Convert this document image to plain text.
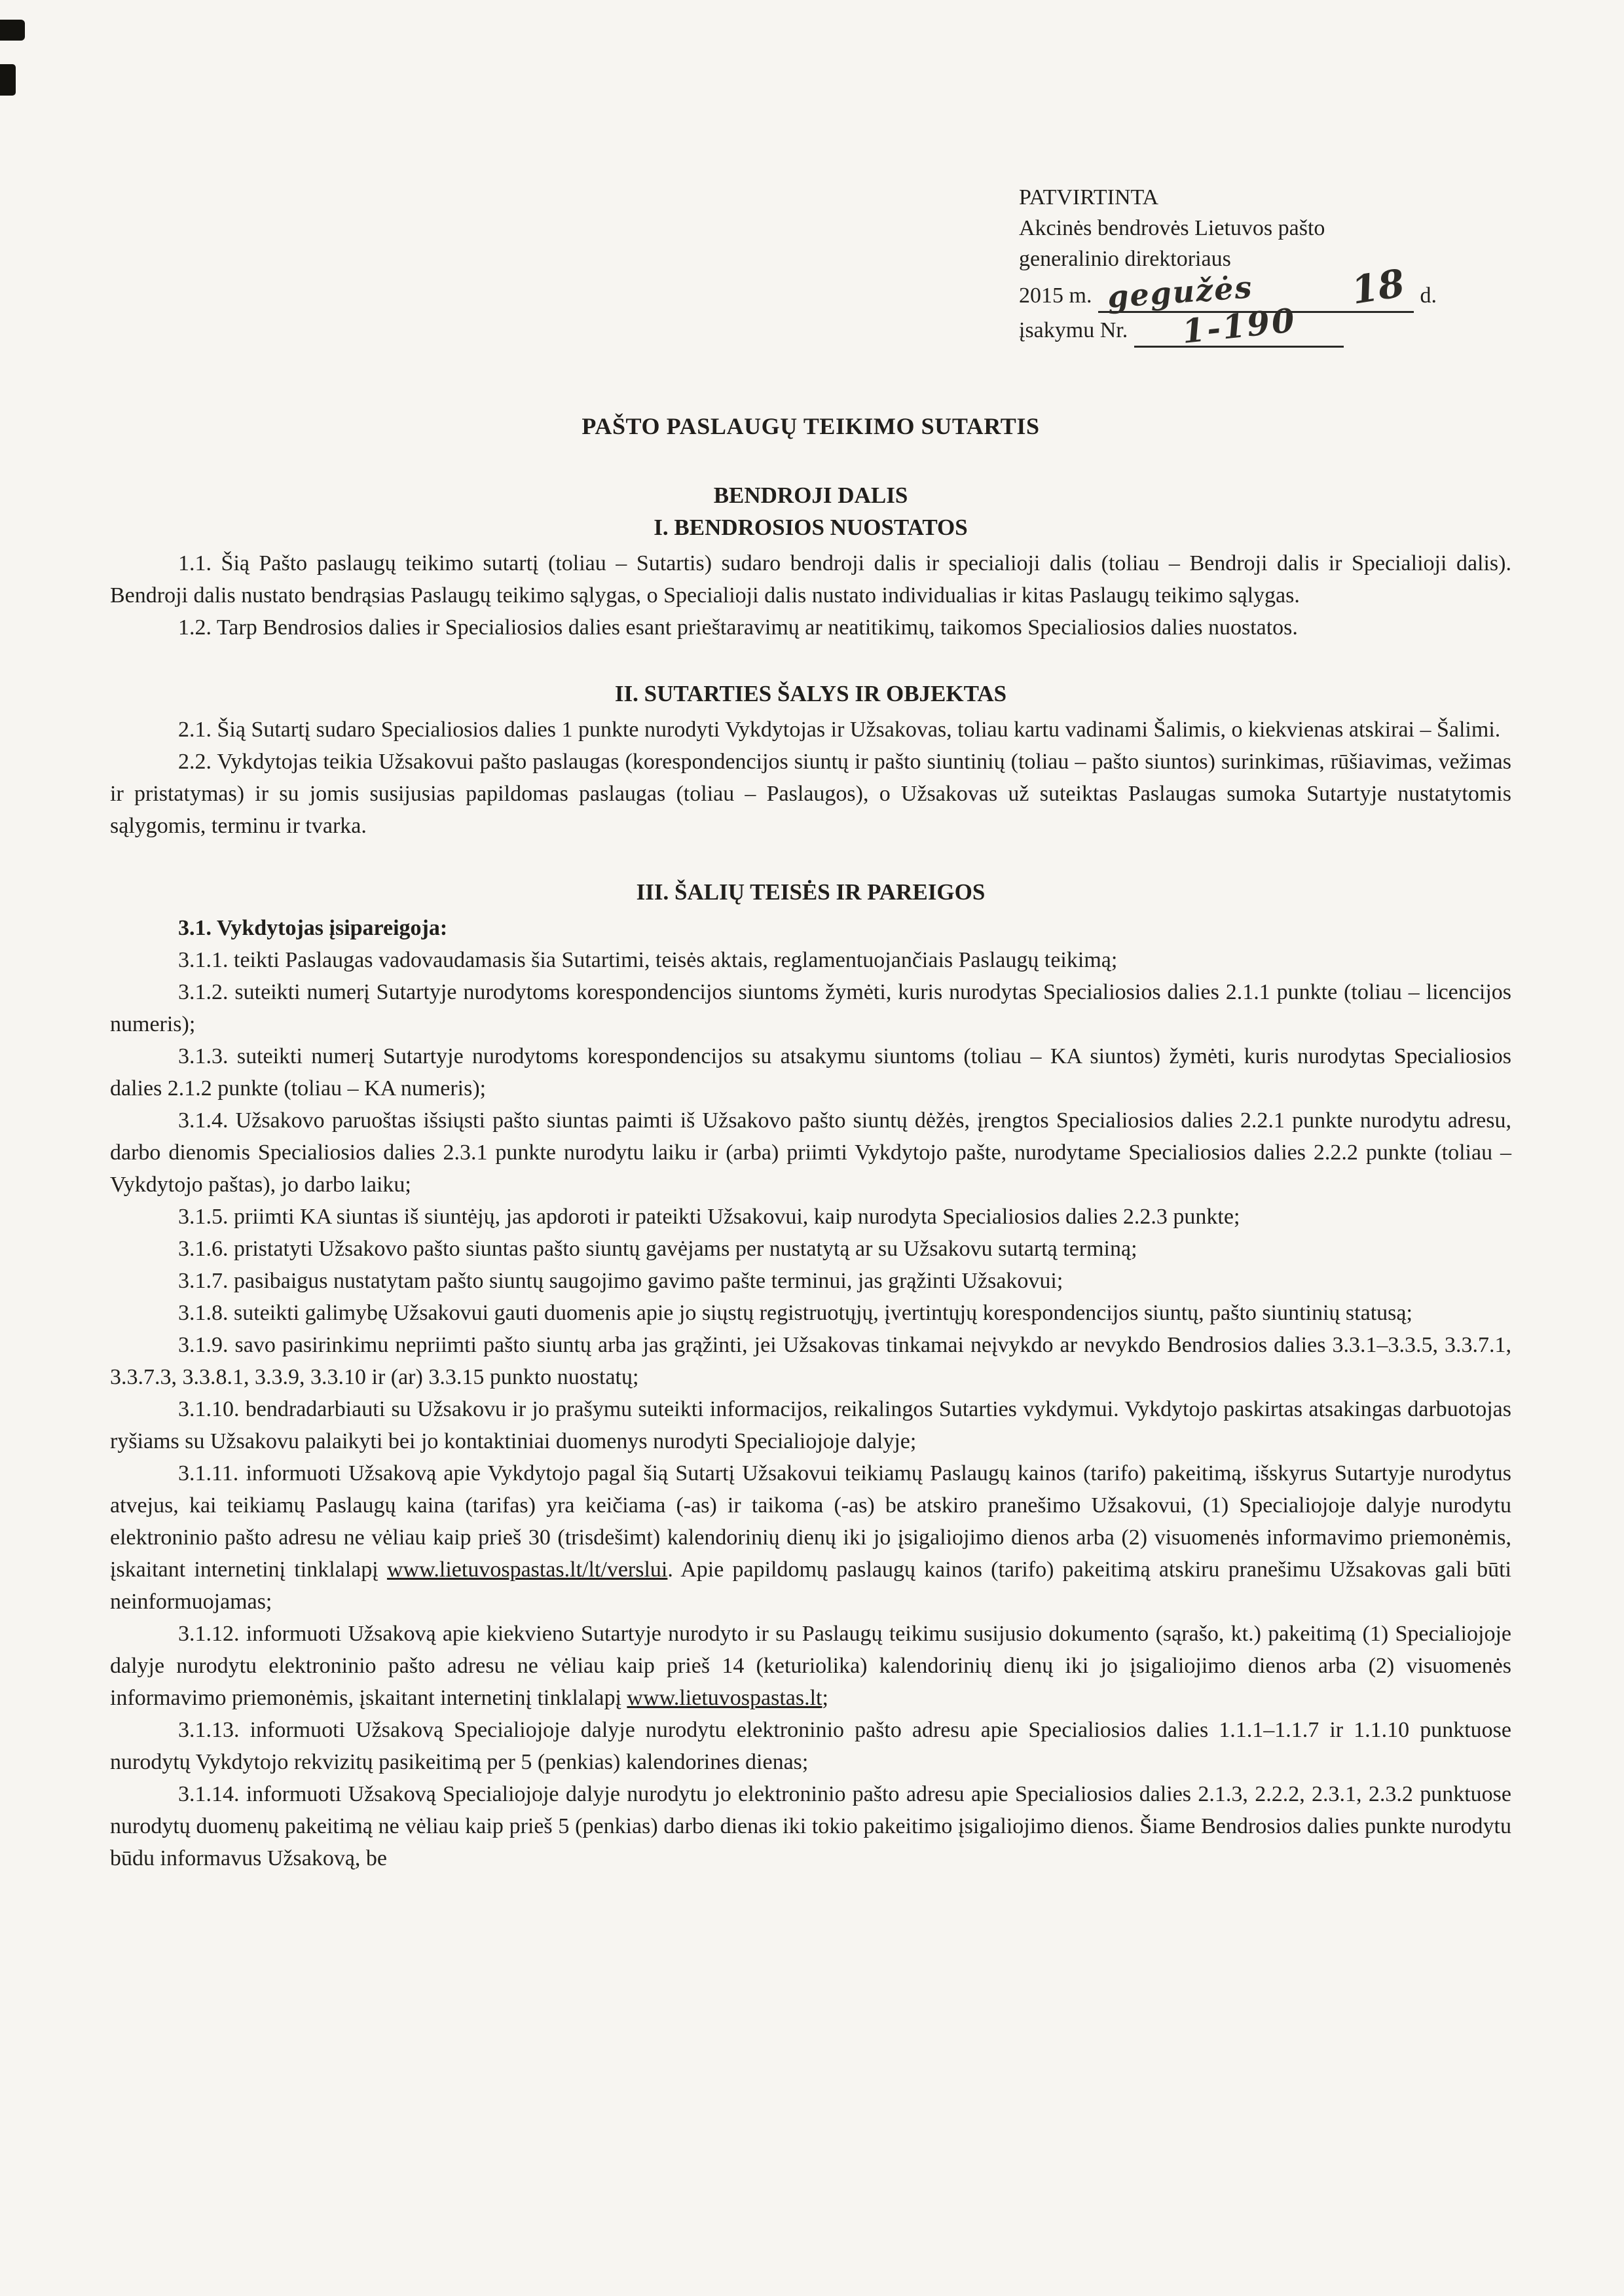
PATVIRTINTA
Akcinės bendrovės Lietuvos pašto
generalinio direktoriaus
2015 m. gegužės 18 d.
įsakymu Nr. 1-190
PAŠTO PASLAUGŲ TEIKIMO SUTARTIS
BENDROJI DALIS
I. BENDROSIOS NUOSTATOS

1.1. Šią Pašto paslaugų teikimo sutartį (toliau – Sutartis) sudaro bendroji dalis ir specialioji dalis (toliau – Bendroji dalis ir Specialioji dalis). Bendroji dalis nustato bendrąsias Paslaugų teikimo sąlygas, o Specialioji dalis nustato individualias ir kitas Paslaugų teikimo sąlygas.

1.2. Tarp Bendrosios dalies ir Specialiosios dalies esant prieštaravimų ar neatitikimų, taikomos Specialiosios dalies nuostatos.

II. SUTARTIES ŠALYS IR OBJEKTAS

2.1. Šią Sutartį sudaro Specialiosios dalies 1 punkte nurodyti Vykdytojas ir Užsakovas, toliau kartu vadinami Šalimis, o kiekvienas atskirai – Šalimi.

2.2. Vykdytojas teikia Užsakovui pašto paslaugas (korespondencijos siuntų ir pašto siuntinių (toliau – pašto siuntos) surinkimas, rūšiavimas, vežimas ir pristatymas) ir su jomis susijusias papildomas paslaugas (toliau – Paslaugos), o Užsakovas už suteiktas Paslaugas sumoka Sutartyje nustatytomis sąlygomis, terminu ir tvarka.

III. ŠALIŲ TEISĖS IR PAREIGOS

3.1. Vykdytojas įsipareigoja:

3.1.1. teikti Paslaugas vadovaudamasis šia Sutartimi, teisės aktais, reglamentuojančiais Paslaugų teikimą;

3.1.2. suteikti numerį Sutartyje nurodytoms korespondencijos siuntoms žymėti, kuris nurodytas Specialiosios dalies 2.1.1 punkte (toliau – licencijos numeris);

3.1.3. suteikti numerį Sutartyje nurodytoms korespondencijos su atsakymu siuntoms (toliau – KA siuntos) žymėti, kuris nurodytas Specialiosios dalies 2.1.2 punkte (toliau – KA numeris);

3.1.4. Užsakovo paruoštas išsiųsti pašto siuntas paimti iš Užsakovo pašto siuntų dėžės, įrengtos Specialiosios dalies 2.2.1 punkte nurodytu adresu, darbo dienomis Specialiosios dalies 2.3.1 punkte nurodytu laiku ir (arba) priimti Vykdytojo pašte, nurodytame Specialiosios dalies 2.2.2 punkte (toliau – Vykdytojo paštas), jo darbo laiku;

3.1.5. priimti KA siuntas iš siuntėjų, jas apdoroti ir pateikti Užsakovui, kaip nurodyta Specialiosios dalies 2.2.3 punkte;

3.1.6. pristatyti Užsakovo pašto siuntas pašto siuntų gavėjams per nustatytą ar su Užsakovu sutartą terminą;

3.1.7. pasibaigus nustatytam pašto siuntų saugojimo gavimo pašte terminui, jas grąžinti Užsakovui;

3.1.8. suteikti galimybę Užsakovui gauti duomenis apie jo siųstų registruotųjų, įvertintųjų korespondencijos siuntų, pašto siuntinių statusą;

3.1.9. savo pasirinkimu nepriimti pašto siuntų arba jas grąžinti, jei Užsakovas tinkamai neįvykdo ar nevykdo Bendrosios dalies 3.3.1–3.3.5, 3.3.7.1, 3.3.7.3, 3.3.8.1, 3.3.9, 3.3.10 ir (ar) 3.3.15 punkto nuostatų;

3.1.10. bendradarbiauti su Užsakovu ir jo prašymu suteikti informacijos, reikalingos Sutarties vykdymui. Vykdytojo paskirtas atsakingas darbuotojas ryšiams su Užsakovu palaikyti bei jo kontaktiniai duomenys nurodyti Specialiojoje dalyje;

3.1.11. informuoti Užsakovą apie Vykdytojo pagal šią Sutartį Užsakovui teikiamų Paslaugų kainos (tarifo) pakeitimą, išskyrus Sutartyje nurodytus atvejus, kai teikiamų Paslaugų kaina (tarifas) yra keičiama (-as) ir taikoma (-as) be atskiro pranešimo Užsakovui, (1) Specialiojoje dalyje nurodytu elektroninio pašto adresu ne vėliau kaip prieš 30 (trisdešimt) kalendorinių dienų iki jo įsigaliojimo dienos arba (2) visuomenės informavimo priemonėmis, įskaitant internetinį tinklalapį www.lietuvospastas.lt/lt/verslui. Apie papildomų paslaugų kainos (tarifo) pakeitimą atskiru pranešimu Užsakovas gali būti neinformuojamas;

3.1.12. informuoti Užsakovą apie kiekvieno Sutartyje nurodyto ir su Paslaugų teikimu susijusio dokumento (sąrašo, kt.) pakeitimą (1) Specialiojoje dalyje nurodytu elektroninio pašto adresu ne vėliau kaip prieš 14 (keturiolika) kalendorinių dienų iki jo įsigaliojimo dienos arba (2) visuomenės informavimo priemonėmis, įskaitant internetinį tinklalapį www.lietuvospastas.lt;

3.1.13. informuoti Užsakovą Specialiojoje dalyje nurodytu elektroninio pašto adresu apie Specialiosios dalies 1.1.1–1.1.7 ir 1.1.10 punktuose nurodytų Vykdytojo rekvizitų pasikeitimą per 5 (penkias) kalendorines dienas;

3.1.14. informuoti Užsakovą Specialiojoje dalyje nurodytu jo elektroninio pašto adresu apie Specialiosios dalies 2.1.3, 2.2.2, 2.3.1, 2.3.2 punktuose nurodytų duomenų pakeitimą ne vėliau kaip prieš 5 (penkias) darbo dienas iki tokio pakeitimo įsigaliojimo dienos. Šiame Bendrosios dalies punkte nurodytu būdu informavus Užsakovą, be
